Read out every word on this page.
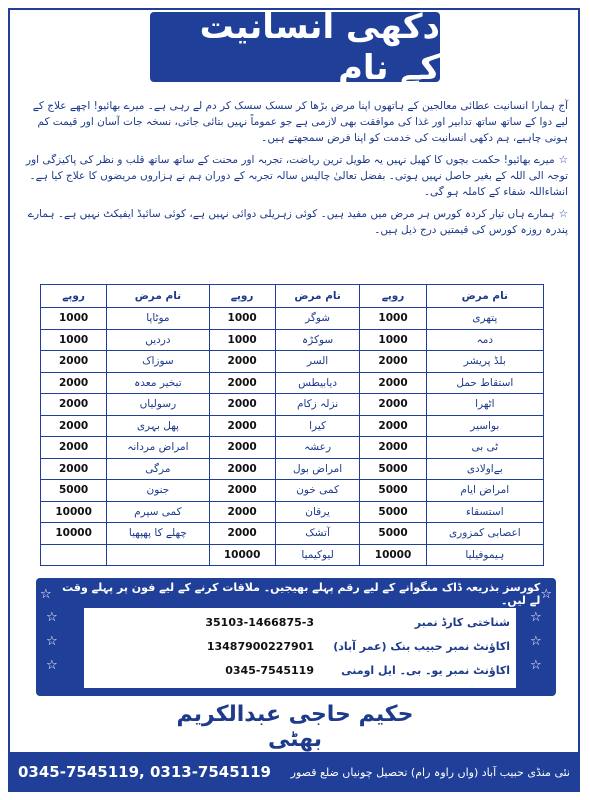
دکھی انسانیت کے نام

آج ہمارا انسانیت عطائی معالجین کے ہاتھوں اپنا مرض بڑھا کر سسک سسک کر دم لے رہی ہے۔ میرے بھائیو! اچھے علاج کے لیے دوا کے ساتھ ساتھ تدابیر اور غذا کی موافقت بھی لازمی ہے جو عموماً نہیں بتائی جاتی، نسخہ جات آسان اور قیمت کم ہونی چاہیے، ہم دکھی انسانیت کی خدمت کو اپنا فرض سمجھتے ہیں۔

☆میرے بھائیو! حکمت بچوں کا کھیل نہیں یہ طویل ترین ریاضت، تجربہ اور محنت کے ساتھ ساتھ قلب و نظر کی پاکیزگی اور توجہ الی اللہ کے بغیر حاصل نہیں ہوتی۔ بفضل تعالیٰ چالیس سالہ تجربہ کے دوران ہم نے ہزاروں مریضوں کا علاج کیا ہے۔ انشاءاللہ شفاء کے کاملہ ہو گی۔

☆ہمارے ہاں تیار کردہ کورس ہر مرض میں مفید ہیں۔ کوئی زہریلی دوائی نہیں ہے، کوئی سائیڈ ایفیکٹ نہیں ہے۔ ہمارے پندرہ روزہ کورس کی قیمتیں درج ذیل ہیں۔

نام مرض	روپے	نام مرض	روپے	نام مرض	روپے
پتھری	1000	شوگر	1000	موٹاپا	1000
دمہ	1000	سوکڑہ	1000	دردیں	1000
بلڈ پریشر	2000	السر	2000	سوزاک	2000
استقاط حمل	2000	دیابیطس	2000	تبخیر معدہ	2000
اٹھرا	2000	نزلہ زکام	2000	رسولیاں	2000
بواسیر	2000	کیرا	2000	پھل بہری	2000
ٹی بی	2000	رعشہ	2000	امراض مردانہ	2000
بےاولادی	5000	امراض بول	2000	مرگی	2000
امراض ایام	5000	کمی خون	2000	جنون	5000
استسقاء	5000	یرقان	2000	کمی سپرم	10000
اعصابی کمزوری	5000	آتشک	2000	چھلے کا پھپھیا	10000
ہیموفیلیا	10000	لیوکیمیا	10000		
☆
کورسز بذریعہ ڈاک منگوانے کے لیے رقم پہلے بھیجیں۔ ملاقات کرنے کے لیے فون پر پہلے وقت لے لیں۔
☆
☆
☆
☆
☆
☆
☆
شناختی کارڈ نمبر
35103-1466875-3
اکاؤنٹ نمبر حبیب بنک (عمر آباد)
13487900227901
اکاؤنٹ نمبر یو۔ بی۔ ایل اومنی
0345-7545119
حکیم حاجی عبدالکریم بھٹی
0345-7545119, 0313-7545119 نئی منڈی حبیب آباد (واں راوہ رام) تحصیل چونیاں ضلع قصور
